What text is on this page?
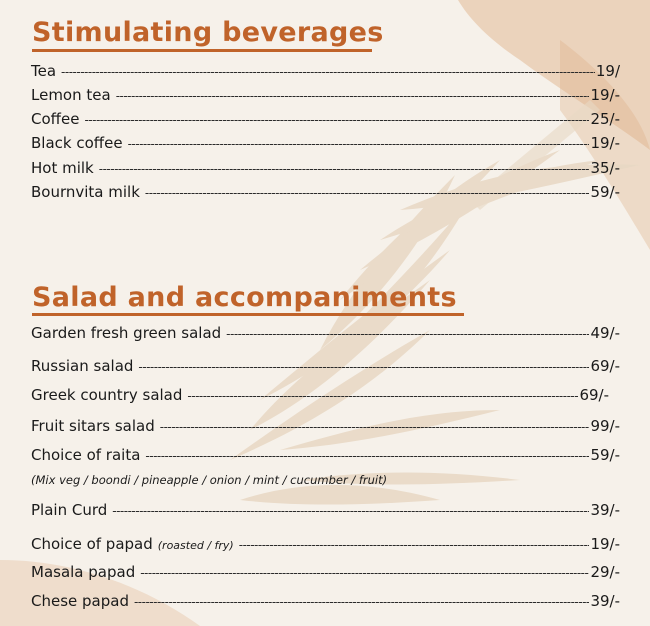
Stimulating beverages
Tea -----	19/
Lemon tea -----	19/-
Coffee -----	25/-
Black coffee -----	19/-
Hot milk -----	35/-
Bournvita milk -----	59/-
Salad and accompaniments
Garden fresh green salad -----	49/-
Russian salad -----	69/-
Greek country salad -----	69/-
Fruit sitars salad -----	99/-
Choice of raita -----	59/-
(Mix veg / boondi / pineapple / onion / mint / cucumber / fruit)
Plain Curd -----	39/-
Choice of papad (roasted / fry) -----	19/-
Masala papad -----	29/-
Chese papad -----	39/-
